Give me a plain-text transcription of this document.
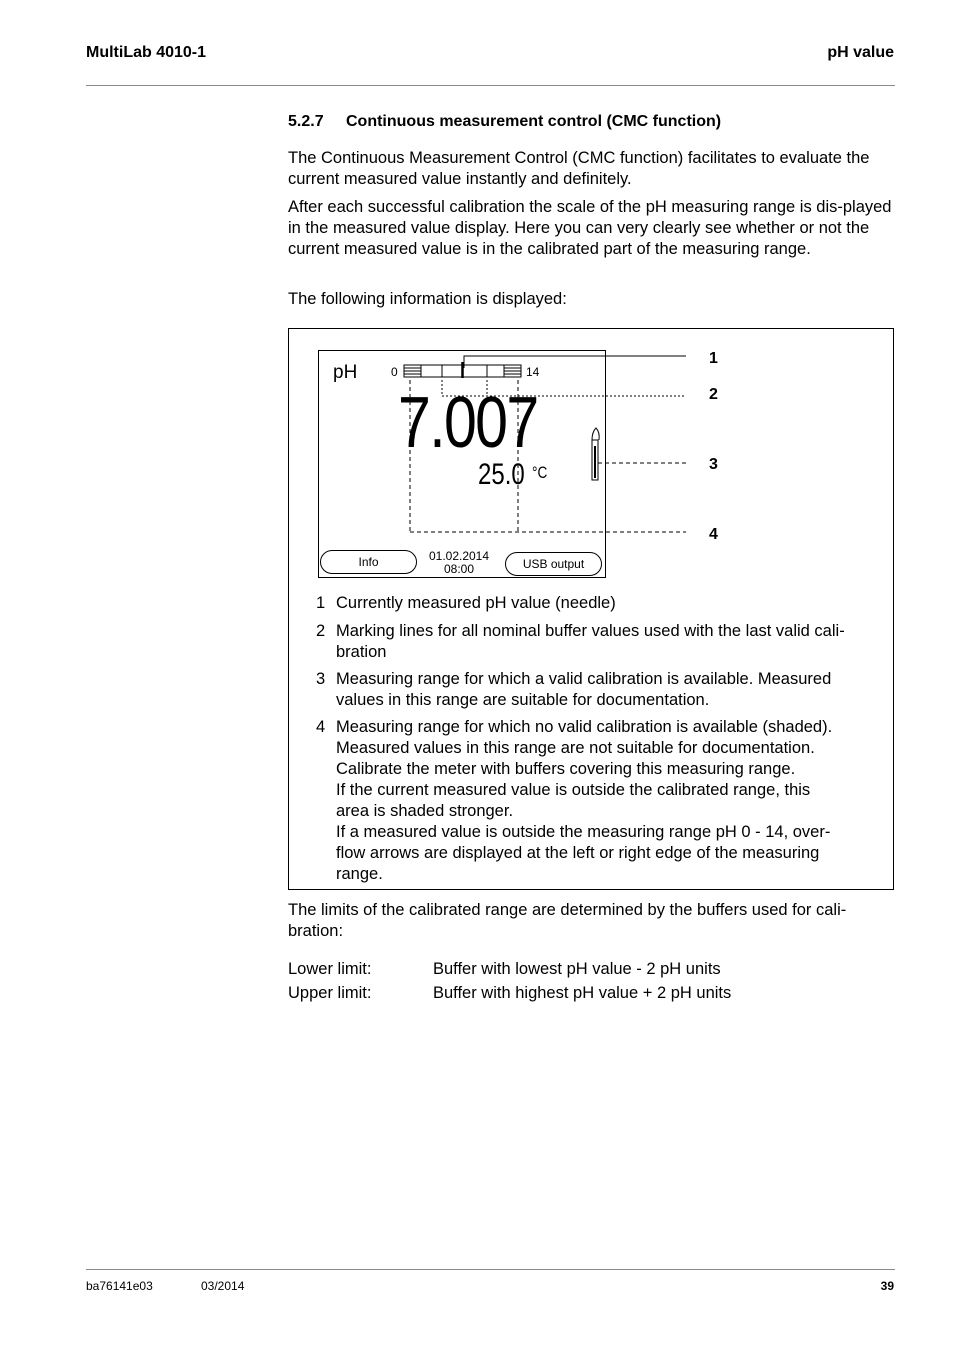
MultiLab 4010-1	pH value
5.2.7 Continuous measurement control (CMC function)
The Continuous Measurement Control (CMC function) facilitates to evaluate the current measured value instantly and definitely.
After each successful calibration the scale of the pH measuring range is dis-played in the measured value display. Here you can very clearly see whether or not the current measured value is in the calibrated part of the measuring range.
The following information is displayed:
pH	0	14
7.007
25.0 °C
Info	01.02.2014
08:00	USB output
1
2
3
4
1 Currently measured pH value (needle)
2 Marking lines for all nominal buffer values used with the last valid cali-bration
3 Measuring range for which a valid calibration is available. Measured values in this range are suitable for documentation.
4 Measuring range for which no valid calibration is available (shaded).
Measured values in this range are not suitable for documentation.
Calibrate the meter with buffers covering this measuring range.
If the current measured value is outside the calibrated range, this
area is shaded stronger.
If a measured value is outside the measuring range pH 0 - 14, over-
flow arrows are displayed at the left or right edge of the measuring
range.
The limits of the calibrated range are determined by the buffers used for cali-bration:
Lower limit:	Buffer with lowest pH value - 2 pH units
Upper limit:	Buffer with highest pH value + 2 pH units
ba76141e03	03/2014	39
